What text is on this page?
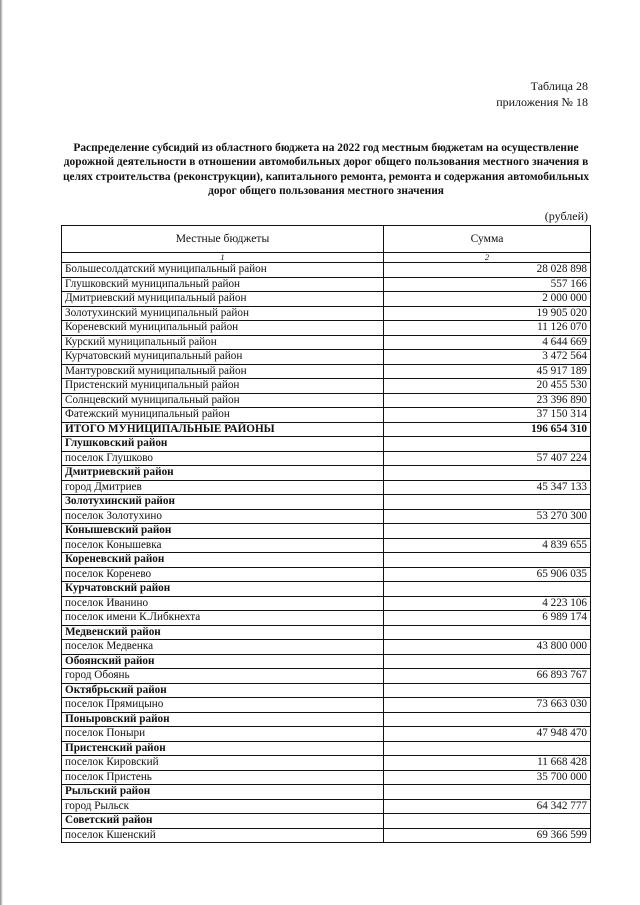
Таблица 28
приложения № 18
Распределение субсидий из областного бюджета на 2022 год местным бюджетам на осуществление дорожной деятельности в отношении автомобильных дорог общего пользования местного значения в целях строительства (реконструкции), капитального ремонта, ремонта и содержания автомобильных дорог общего пользования местного значения
(рублей)
Местные бюджеты	Сумма
1	2
Большесолдатский муниципальный район	28 028 898
Глушковский муниципальный район	557 166
Дмитриевский муниципальный район	2 000 000
Золотухинский муниципальный район	19 905 020
Кореневский муниципальный район	11 126 070
Курский муниципальный район	4 644 669
Курчатовский муниципальный район	3 472 564
Мантуровский муниципальный район	45 917 189
Пристенский муниципальный район	20 455 530
Солнцевский муниципальный район	23 396 890
Фатежский муниципальный район	37 150 314
ИТОГО МУНИЦИПАЛЬНЫЕ РАЙОНЫ	196 654 310
Глушковский район	
поселок Глушково	57 407 224
Дмитриевский район	
город Дмитриев	45 347 133
Золотухинский район	
поселок Золотухино	53 270 300
Конышевский район	
поселок Конышевка	4 839 655
Кореневский район	
поселок Коренево	65 906 035
Курчатовский район	
поселок Иванино	4 223 106
поселок имени К.Либкнехта	6 989 174
Медвенский район	
поселок Медвенка	43 800 000
Обоянский район	
город Обоянь	66 893 767
Октябрьский район	
поселок Прямицыно	73 663 030
Поныровский район	
поселок Поныри	47 948 470
Пристенский район	
поселок Кировский	11 668 428
поселок Пристень	35 700 000
Рыльский район	
город Рыльск	64 342 777
Советский район	
поселок Кшенский	69 366 599
